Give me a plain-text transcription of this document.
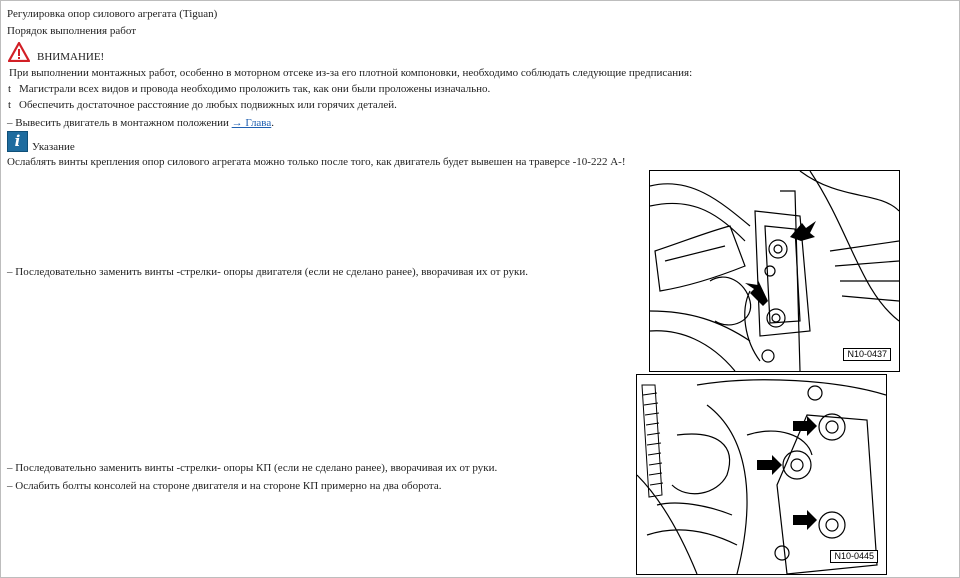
Регулировка опор силового агрегата (Tiguan)
Порядок выполнения работ
ВНИМАНИЕ!
При выполнении монтажных работ, особенно в моторном отсеке из-за его плотной компоновки, необходимо соблюдать следующие предписания:
t Магистрали всех видов и провода необходимо проложить так, как они были проложены изначально.
t Обеспечить достаточное расстояние до любых подвижных или горячих деталей.
– Вывесить двигатель в монтажном положении → Глава.
i	Указание
Ослаблять винты крепления опор силового агрегата можно только после того, как двигатель будет вывешен на траверсе -10-222 A-!
– Последовательно заменить винты -стрелки- опоры двигателя (если не сделано ранее), вворачивая их от руки.
– Последовательно заменить винты -стрелки- опоры КП (если не сделано ранее), вворачивая их от руки.
– Ослабить болты консолей на стороне двигателя и на стороне КП примерно на два оборота.
N10-0437
N10-0445
